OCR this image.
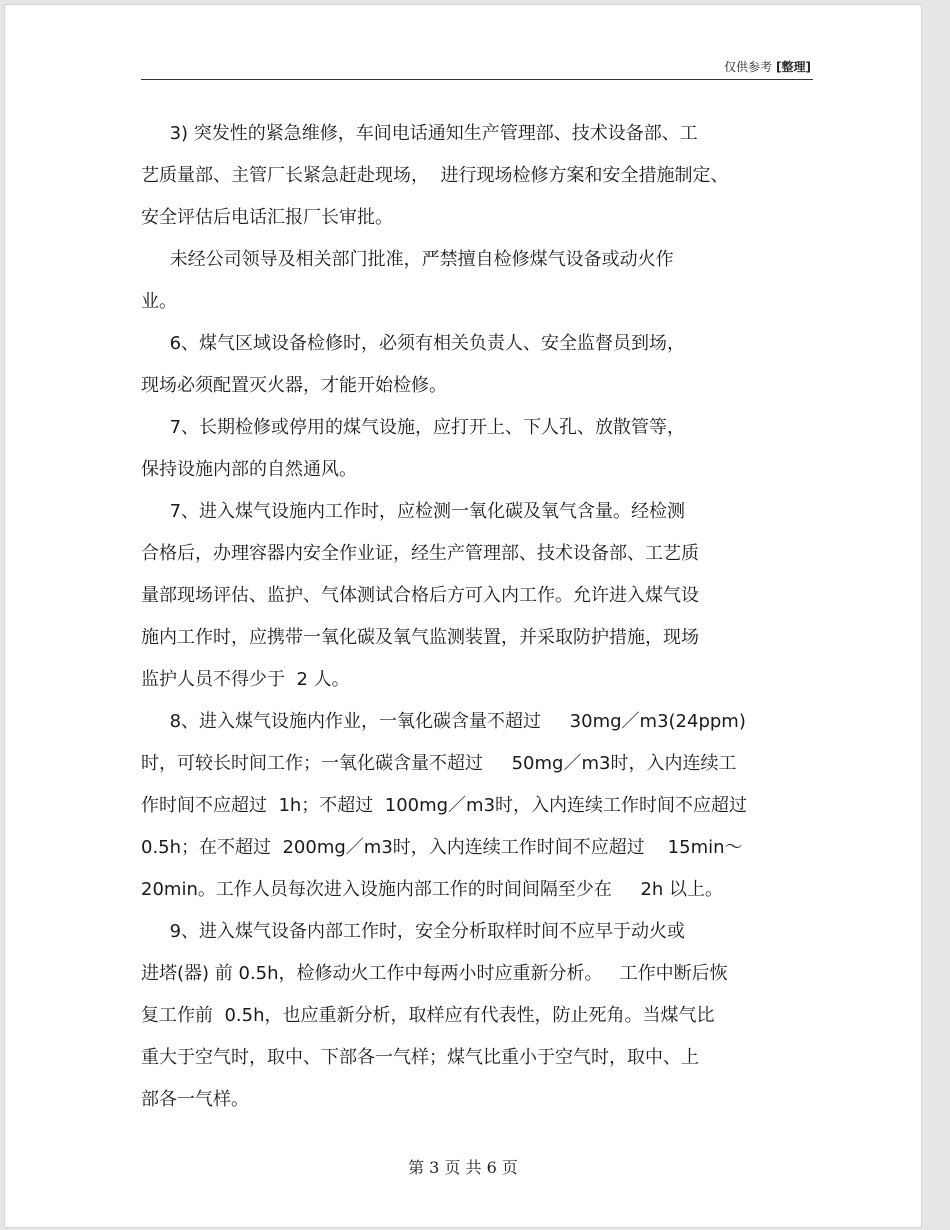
仅供参考 [整理]
3) 突发性的紧急维修，车间电话通知生产管理部、技术设备部、工
艺质量部、主管厂长紧急赶赴现场，  进行现场检修方案和安全措施制定、
安全评估后电话汇报厂长审批。
未经公司领导及相关部门批准，严禁擅自检修煤气设备或动火作
业。
6、煤气区域设备检修时，必须有相关负责人、安全监督员到场，
现场必须配置灭火器，才能开始检修。
7、长期检修或停用的煤气设施，应打开上、下人孔、放散管等，
保持设施内部的自然通风。
7、进入煤气设施内工作时，应检测一氧化碳及氧气含量。经检测
合格后，办理容器内安全作业证，经生产管理部、技术设备部、工艺质
量部现场评估、监护、气体测试合格后方可入内工作。允许进入煤气设
施内工作时，应携带一氧化碳及氧气监测装置，并采取防护措施，现场
监护人员不得少于  2 人。
8、进入煤气设施内作业，一氧化碳含量不超过     30mg／m3(24ppm)
时，可较长时间工作；一氧化碳含量不超过     50mg／m3时，入内连续工
作时间不应超过  1h；不超过  100mg／m3时，入内连续工作时间不应超过
0.5h；在不超过  200mg／m3时，入内连续工作时间不应超过    15min～
20min。工作人员每次进入设施内部工作的时间间隔至少在     2h 以上。
9、进入煤气设备内部工作时，安全分析取样时间不应早于动火或
进塔(器) 前 0.5h，检修动火工作中每两小时应重新分析。   工作中断后恢
复工作前  0.5h，也应重新分析，取样应有代表性，防止死角。当煤气比
重大于空气时，取中、下部各一气样；煤气比重小于空气时，取中、上
部各一气样。
第 3 页 共 6 页
